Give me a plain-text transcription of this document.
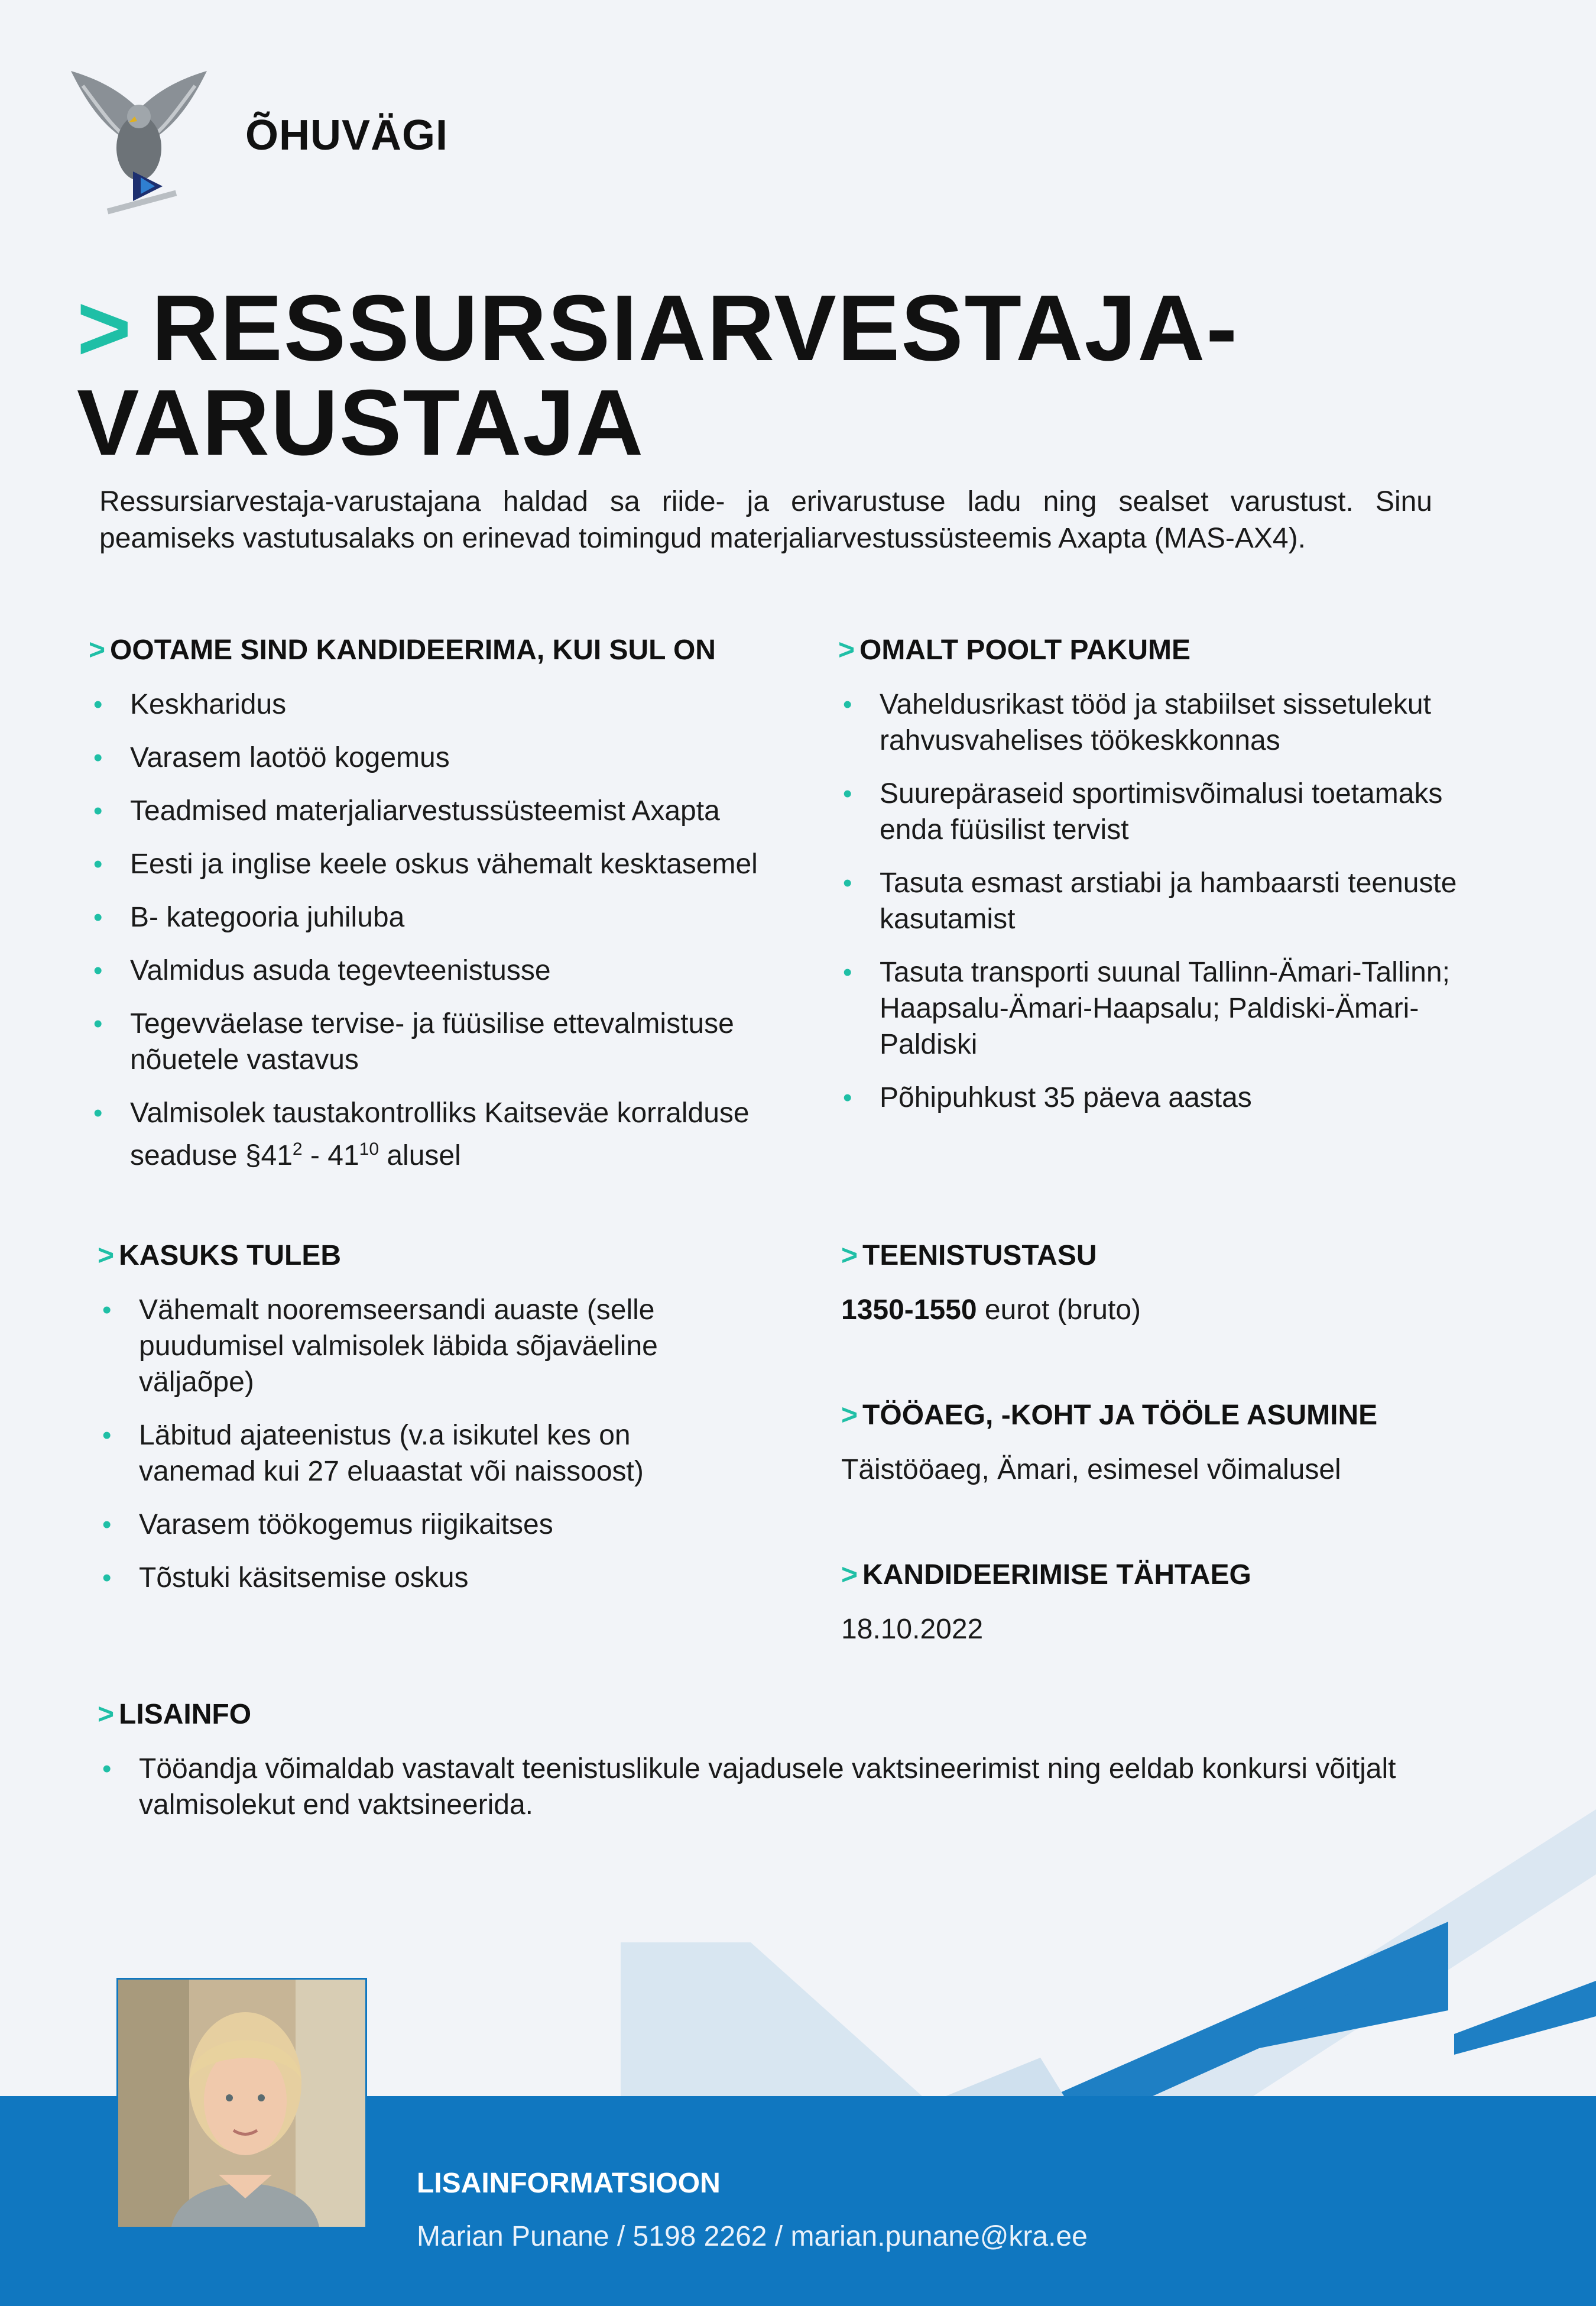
ÕHUVÄGI
> RESSURSIARVESTAJA-
VARUSTAJA
Ressursiarvestaja-varustajana haldad sa riide- ja erivarustuse ladu ning sealset varustust. Sinu peamiseks vastutusalaks on erinevad toimingud materjaliarvestussüsteemis Axapta (MAS-AX4).
> OOTAME SIND KANDIDEERIMA, KUI SUL ON
• Keskharidus
• Varasem laotöö kogemus
• Teadmised materjaliarvestussüsteemist Axapta
• Eesti ja inglise keele oskus vähemalt kesktasemel
• B- kategooria juhiluba
• Valmidus asuda tegevteenistusse
• Tegevväelase tervise- ja füüsilise ettevalmistuse nõuetele vastavus
• Valmisolek taustakontrolliks Kaitseväe korralduse seaduse $\S 41^2 - 41^{10}$ alusel
> OMALT POOLT PAKUME
• Vaheldusrikast tööd ja stabiilset sissetulekut rahvusvahelises töökeskkonnas
• Suurepäraseid sportimisvõimalusi toetamaks enda füüsilist tervist
• Tasuta esmast arstiabi ja hambaarsti teenuste kasutamist
• Tasuta transporti suunal Tallinn-Ämari-Tallinn; Haapsalu-Ämari-Haapsalu; Paldiski-Ämari-Paldiski
• Põhipuhkust 35 päeva aastas
> KASUKS TULEB
• Vähemalt nooremseersandi auaste (selle puudumisel valmisolek läbida sõjaväeline väljaõpe)
• Läbitud ajateenistus (v.a isikutel kes on vanemad kui 27 eluaastat või naissoost)
• Varasem töökogemus riigikaitses
• Tõstuki käsitsemise oskus
> TEENISTUSTASU
1350-1550 eurot (bruto)
> TÖÖAEG, -KOHT JA TÖÖLE ASUMINE
Täistööaeg, Ämari, esimesel võimalusel
> KANDIDEERIMISE TÄHTAEG
18.10.2022
> LISAINFO
• Tööandja võimaldab vastavalt teenistuslikule vajadusele vaktsineerimist ning eeldab konkursi võitjalt valmisolekut end vaktsineerida.
LISAINFORMATSIOON
Marian Punane / 5198 2262 / marian.punane@kra.ee
